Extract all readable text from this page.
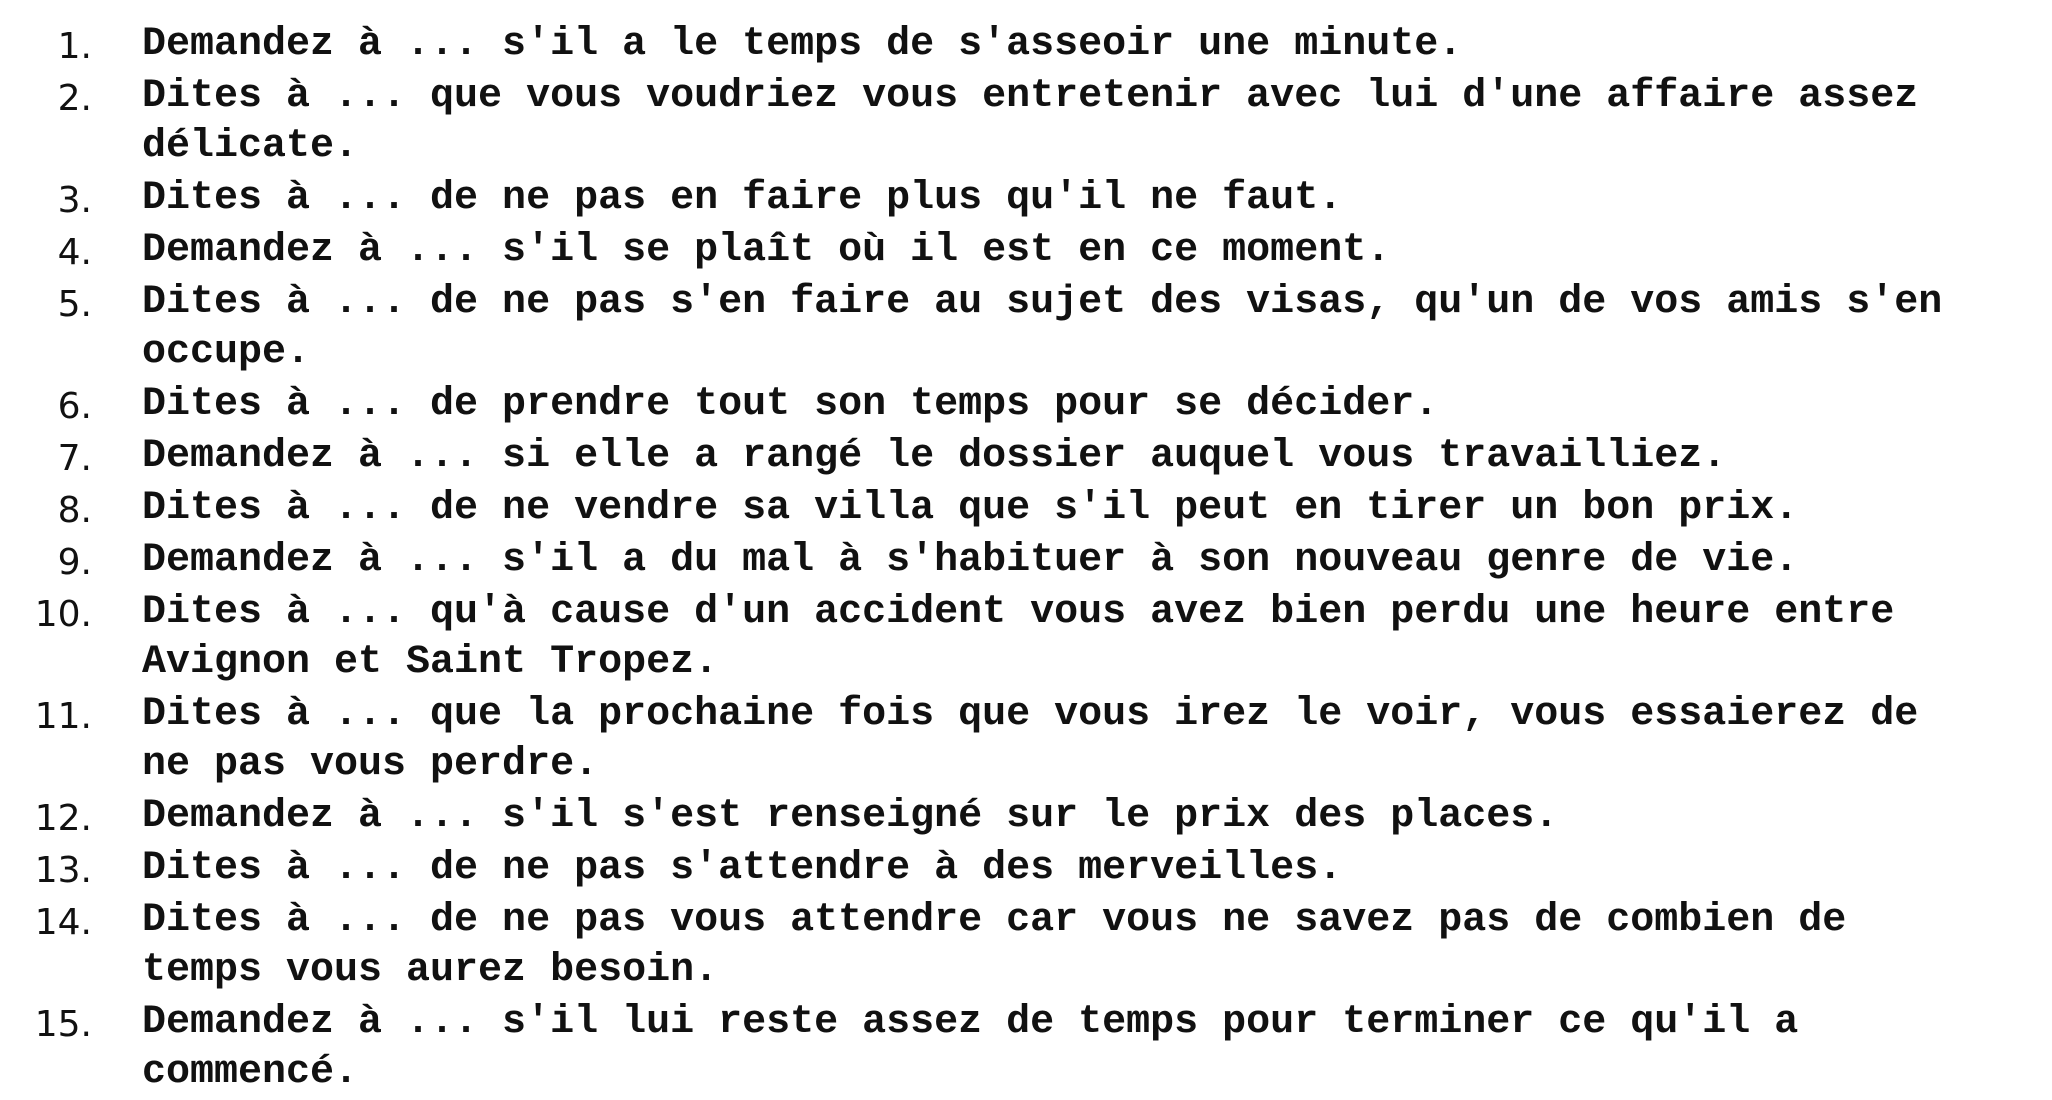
1. Demandez à ... s'il a le temps de s'asseoir une minute.
2. Dites à ... que vous voudriez vous entretenir avec lui d'une affaire assez
délicate.
3. Dites à ... de ne pas en faire plus qu'il ne faut.
4. Demandez à ... s'il se plaît où il est en ce moment.
5. Dites à ... de ne pas s'en faire au sujet des visas, qu'un de vos amis s'en
occupe.
6. Dites à ... de prendre tout son temps pour se décider.
7. Demandez à ... si elle a rangé le dossier auquel vous travailliez.
8. Dites à ... de ne vendre sa villa que s'il peut en tirer un bon prix.
9. Demandez à ... s'il a du mal à s'habituer à son nouveau genre de vie.
10. Dites à ... qu'à cause d'un accident vous avez bien perdu une heure entre
Avignon et Saint Tropez.
11. Dites à ... que la prochaine fois que vous irez le voir, vous essaierez de
ne pas vous perdre.
12. Demandez à ... s'il s'est renseigné sur le prix des places.
13. Dites à ... de ne pas s'attendre à des merveilles.
14. Dites à ... de ne pas vous attendre car vous ne savez pas de combien de
temps vous aurez besoin.
15. Demandez à ... s'il lui reste assez de temps pour terminer ce qu'il a
commencé.
